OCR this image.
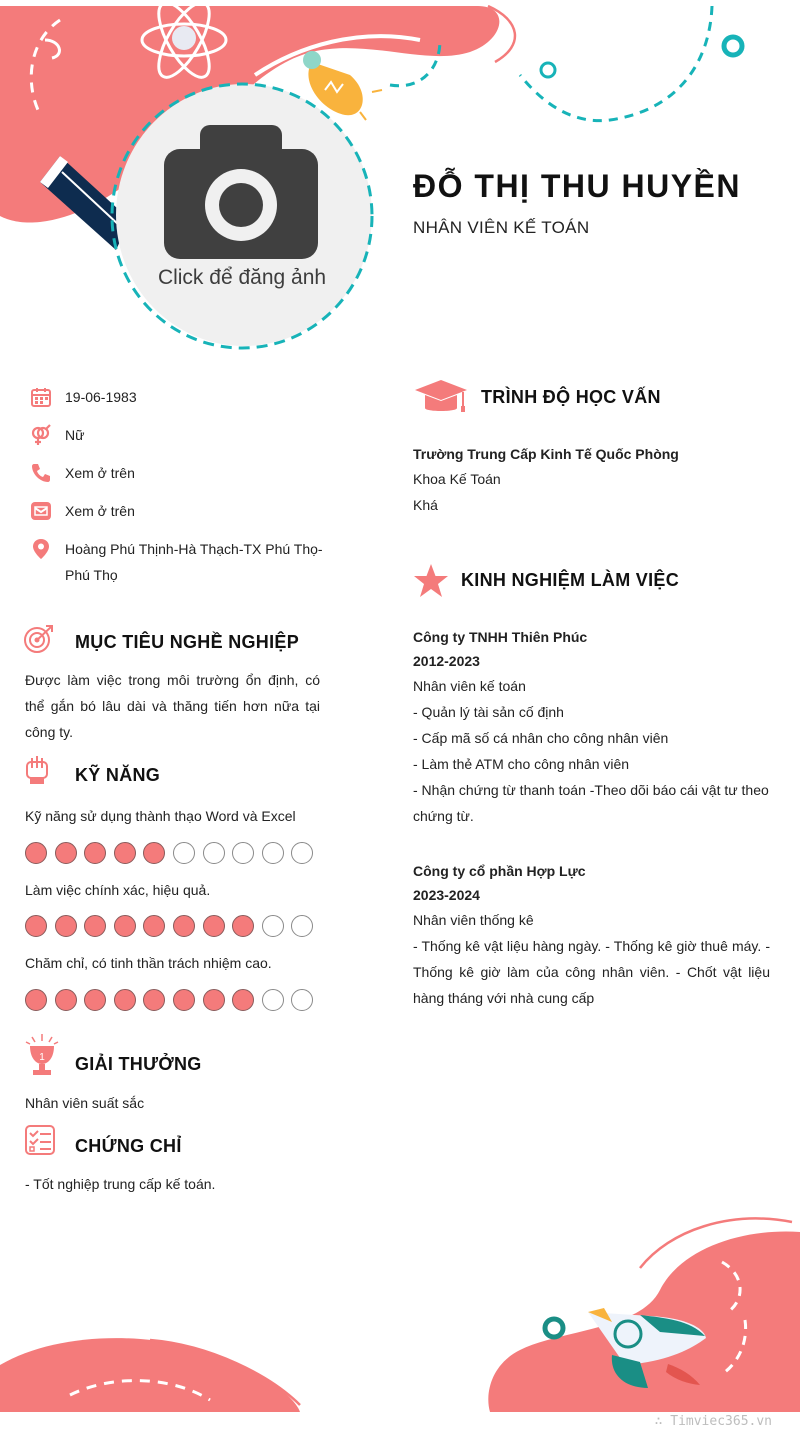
Click để đăng ảnh
ĐỖ THỊ THU HUYỀN
NHÂN VIÊN KẾ TOÁN
19-06-1983
Nữ
Xem ở trên
Xem ở trên
Hoàng Phú Thịnh-Hà Thạch-TX Phú Thọ-Phú Thọ
MỤC TIÊU NGHỀ NGHIỆP
Được làm việc trong môi trường ổn định, có thể gắn bó lâu dài và thăng tiến hơn nữa tại công ty.
KỸ NĂNG
Kỹ năng sử dụng thành thạo Word và Excel
Làm việc chính xác, hiệu quả.
Chăm chỉ, có tinh thần trách nhiệm cao.
1 GIẢI THƯỞNG
Nhân viên suất sắc
CHỨNG CHỈ
- Tốt nghiệp trung cấp kế toán.
TRÌNH ĐỘ HỌC VẤN
Trường Trung Cấp Kinh Tế Quốc Phòng
Khoa Kế Toán
Khá
KINH NGHIỆM LÀM VIỆC
Công ty TNHH Thiên Phúc
2012-2023
Nhân viên kế toán
- Quản lý tài sản cố định
- Cấp mã số cá nhân cho công nhân viên
- Làm thẻ ATM cho công nhân viên
- Nhận chứng từ thanh toán -Theo dõi báo cái vật tư theo chứng từ.
Công ty cổ phần Hợp Lực
2023-2024
Nhân viên thống kê
- Thống kê vật liệu hàng ngày. - Thống kê giờ thuê máy. - Thống kê giờ làm của công nhân viên. - Chốt vật liệu hàng tháng với nhà cung cấp
∴ Timviec365.vn
